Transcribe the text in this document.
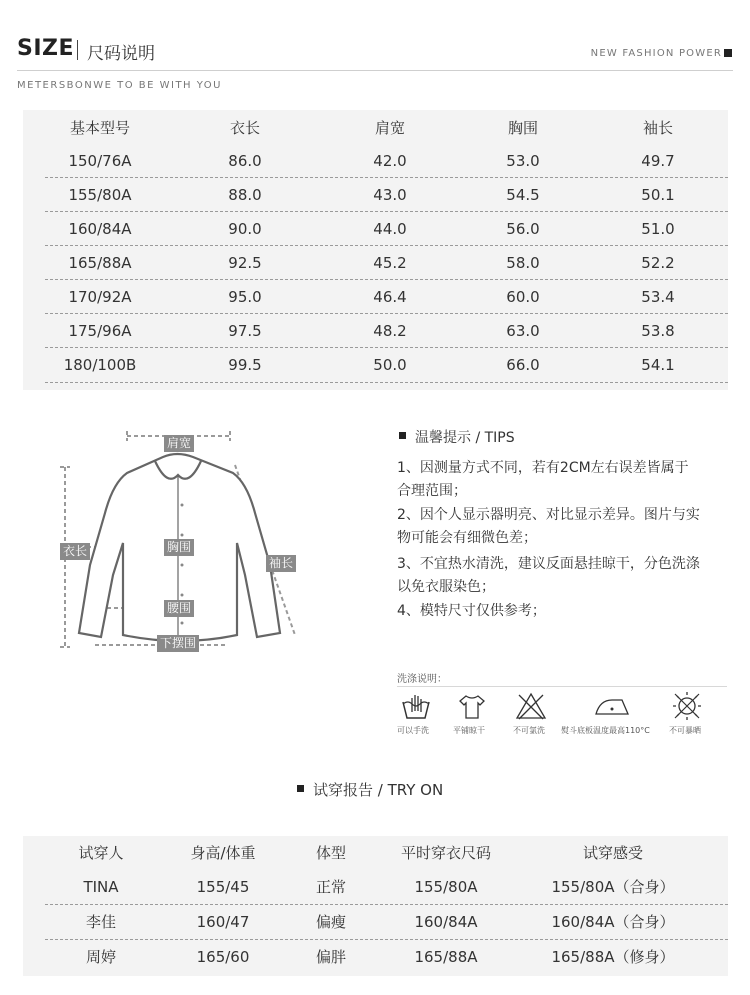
SIZE 尺码说明	NEW FASHION POWER
METERSBONWE TO BE WITH YOU
基本型号	衣长	肩宽	胸围	袖长
150/76A	86.0	42.0	53.0	49.7
155/80A	88.0	43.0	54.5	50.1
160/84A	90.0	44.0	56.0	51.0
165/88A	92.5	45.2	58.0	52.2
170/92A	95.0	46.4	60.0	53.4
175/96A	97.5	48.2	63.0	53.8
180/100B	99.5	50.0	66.0	54.1
肩宽
衣长	胸围
袖长
腰围
下摆围
温馨提示 / TIPS
1、因测量方式不同，若有2CM左右误差皆属于合理范围；
2、因个人显示器明亮、对比显示差异。图片与实物可能会有细微色差；
3、不宜热水清洗，建议反面悬挂晾干，分色洗涤以免衣服染色；
4、模特尺寸仅供参考；
洗涤说明：
可以手洗	平铺晾干	不可氯洗 熨斗底板温度最高110°C 不可暴晒
试穿报告 / TRY ON
试穿人	身高/体重	体型	平时穿衣尺码	试穿感受
TINA	155/45	正常	155/80A	155/80A（合身）
李佳	160/47	偏瘦	160/84A	160/84A（合身）
周婷	165/60	偏胖	165/88A	165/88A（修身）
